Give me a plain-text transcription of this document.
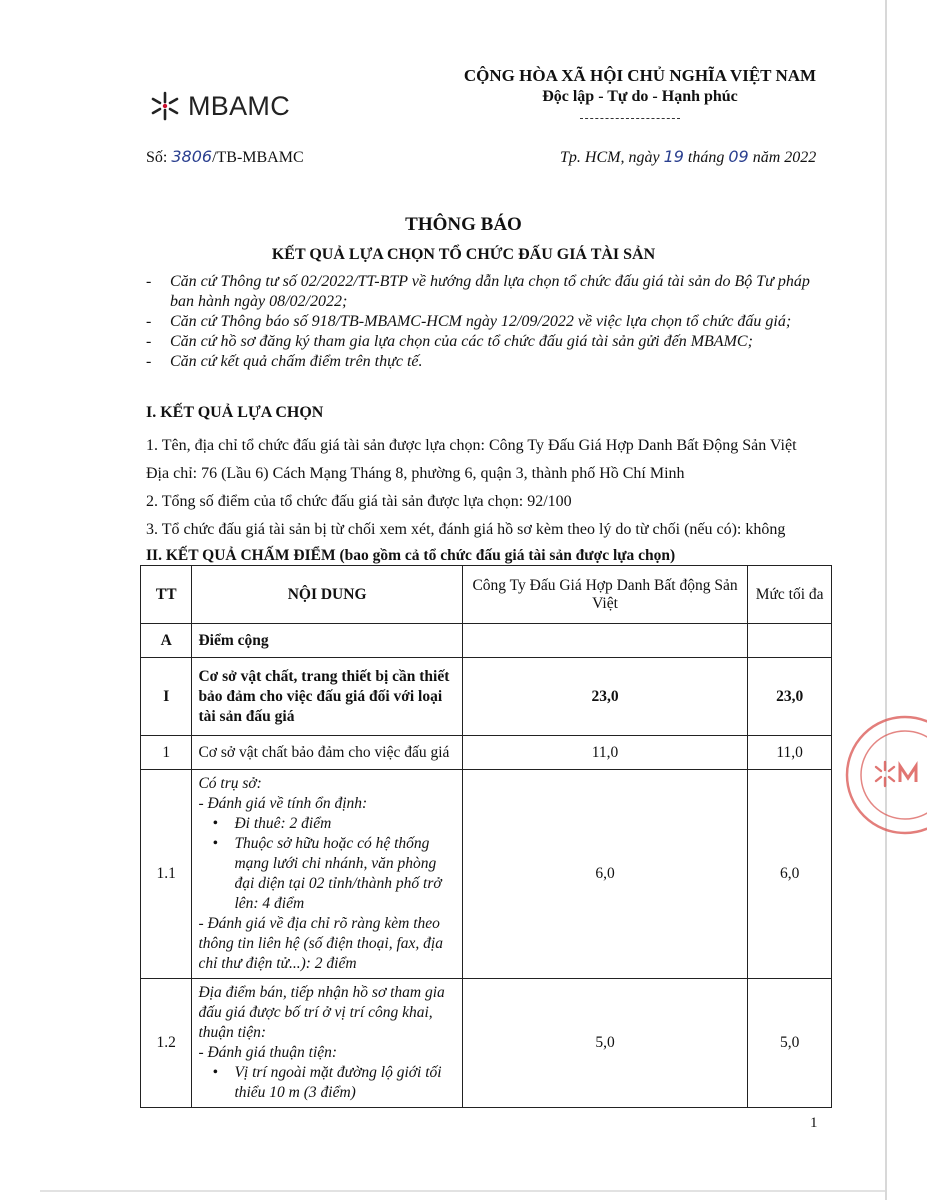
MBAMC
CỘNG HÒA XÃ HỘI CHỦ NGHĨA VIỆT NAM
Độc lập - Tự do - Hạnh phúc
Số: 3806/TB-MBAMC	Tp. HCM, ngày 19 tháng 09 năm 2022
THÔNG BÁO
KẾT QUẢ LỰA CHỌN TỔ CHỨC ĐẤU GIÁ TÀI SẢN
- Căn cứ Thông tư số 02/2022/TT-BTP về hướng dẫn lựa chọn tổ chức đấu giá tài sản do Bộ Tư pháp ban hành ngày 08/02/2022;
- Căn cứ Thông báo số 918/TB-MBAMC-HCM ngày 12/09/2022 về việc lựa chọn tổ chức đấu giá;
- Căn cứ hồ sơ đăng ký tham gia lựa chọn của các tổ chức đấu giá tài sản gửi đến MBAMC;
- Căn cứ kết quả chấm điểm trên thực tế.
I. KẾT QUẢ LỰA CHỌN
1. Tên, địa chỉ tổ chức đấu giá tài sản được lựa chọn: Công Ty Đấu Giá Hợp Danh Bất Động Sản Việt
Địa chỉ: 76 (Lầu 6) Cách Mạng Tháng 8, phường 6, quận 3, thành phố Hồ Chí Minh
2. Tổng số điểm của tổ chức đấu giá tài sản được lựa chọn: 92/100
3. Tổ chức đấu giá tài sản bị từ chối xem xét, đánh giá hồ sơ kèm theo lý do từ chối (nếu có): không
II. KẾT QUẢ CHẤM ĐIỂM (bao gồm cả tổ chức đấu giá tài sản được lựa chọn)
TT	NỘI DUNG	Công Ty Đấu Giá Hợp Danh Bất động Sản Việt	Mức tối đa
A	Điểm cộng		
I	Cơ sở vật chất, trang thiết bị cần thiết bảo đảm cho việc đấu giá đối với loại tài sản đấu giá	23,0	23,0
1	Cơ sở vật chất bảo đảm cho việc đấu giá	11,0	11,0
1.1	Có trụ sở:
- Đánh giá về tính ổn định:
• Đi thuê: 2 điểm
• Thuộc sở hữu hoặc có hệ thống mạng lưới chi nhánh, văn phòng đại diện tại 02 tỉnh/thành phố trở lên: 4 điểm
- Đánh giá về địa chỉ rõ ràng kèm theo thông tin liên hệ (số điện thoại, fax, địa chỉ thư điện tử...): 2 điểm	6,0	6,0
1.2	Địa điểm bán, tiếp nhận hồ sơ tham gia đấu giá được bố trí ở vị trí công khai, thuận tiện:
- Đánh giá thuận tiện:
• Vị trí ngoài mặt đường lộ giới tối thiểu 10 m (3 điểm)	5,0	5,0
1
